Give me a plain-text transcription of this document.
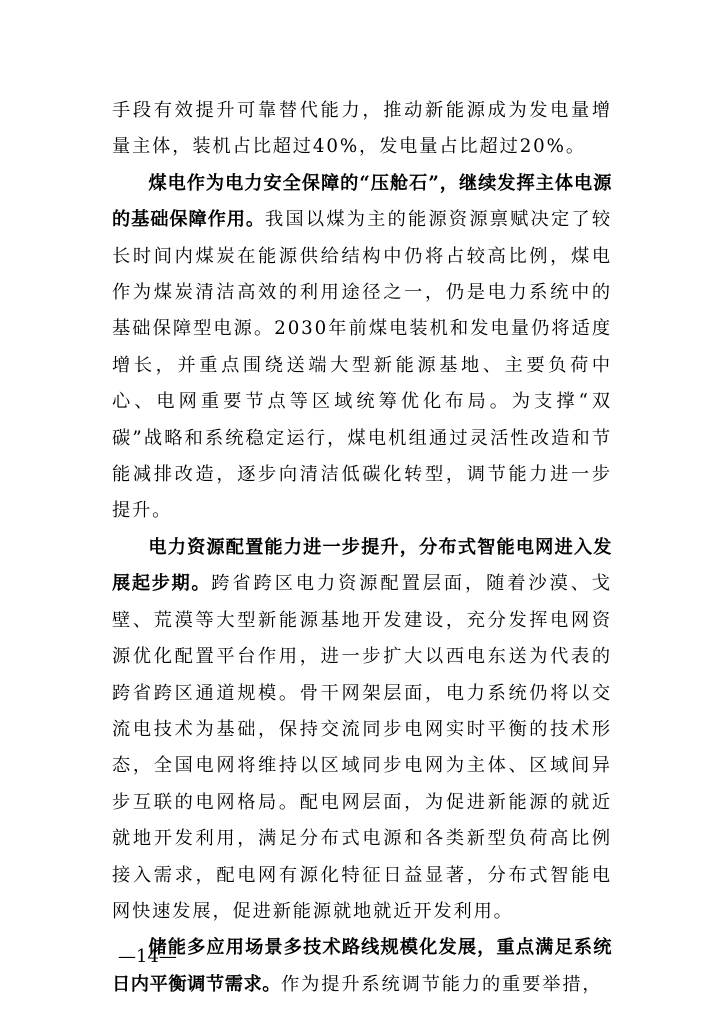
手段有效提升可靠替代能力，推动新能源成为发电量增量主体，装机占比超过40%，发电量占比超过20%。

煤电作为电力安全保障的“压舱石”，继续发挥主体电源的基础保障作用。我国以煤为主的能源资源禀赋决定了较长时间内煤炭在能源供给结构中仍将占较高比例，煤电作为煤炭清洁高效的利用途径之一，仍是电力系统中的基础保障型电源。2030年前煤电装机和发电量仍将适度增长，并重点围绕送端大型新能源基地、主要负荷中心、电网重要节点等区域统筹优化布局。为支撑“双碳”战略和系统稳定运行，煤电机组通过灵活性改造和节能减排改造，逐步向清洁低碳化转型，调节能力进一步提升。

电力资源配置能力进一步提升，分布式智能电网进入发展起步期。跨省跨区电力资源配置层面，随着沙漠、戈壁、荒漠等大型新能源基地开发建设，充分发挥电网资源优化配置平台作用，进一步扩大以西电东送为代表的跨省跨区通道规模。骨干网架层面，电力系统仍将以交流电技术为基础，保持交流同步电网实时平衡的技术形态，全国电网将维持以区域同步电网为主体、区域间异步互联的电网格局。配电网层面，为促进新能源的就近就地开发利用，满足分布式电源和各类新型负荷高比例接入需求，配电网有源化特征日益显著，分布式智能电网快速发展，促进新能源就地就近开发利用。

储能多应用场景多技术路线规模化发展，重点满足系统日内平衡调节需求。作为提升系统调节能力的重要举措，

—14—
